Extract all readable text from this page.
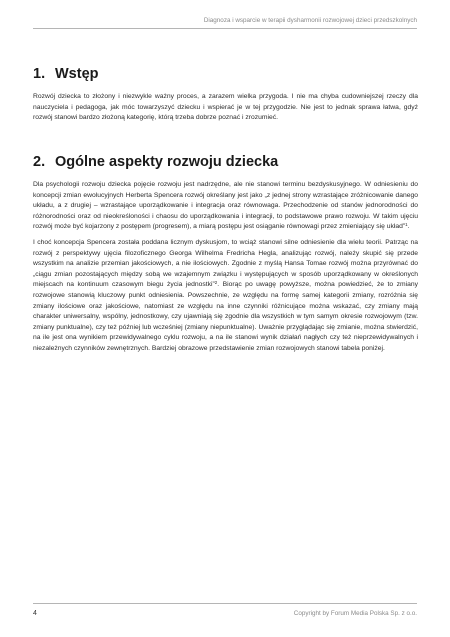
Diagnoza i wsparcie w terapii dysharmonii rozwojowej dzieci przedszkolnych
1. Wstęp

Rozwój dziecka to złożony i niezwykle ważny proces, a zarazem wielka przygoda. I nie ma chyba cudowniejszej rzeczy dla nauczyciela i pedagoga, jak móc towarzyszyć dziecku i wspierać je w tej przygodzie. Nie jest to jednak sprawa łatwa, gdyż rozwój stanowi bardzo złożoną kategorię, którą trzeba dobrze poznać i zrozumieć.

2. Ogólne aspekty rozwoju dziecka

Dla psychologii rozwoju dziecka pojęcie rozwoju jest nadrzędne, ale nie stanowi terminu bezdyskusyjnego. W odniesieniu do koncepcji zmian ewolucyjnych Herberta Spencera rozwój określany jest jako „z jednej strony wzrastające zróżnicowanie danego układu, a z drugiej – wzrastające uporządkowanie i integracja oraz równowaga. Przechodzenie od stanów jednorodności do różnorodności oraz od nieokreśloności i chaosu do uporządkowania i integracji, to podstawowe prawo rozwoju. W takim ujęciu rozwój może być kojarzony z postępem (progresem), a miarą postępu jest osiąganie równowagi przez zmieniający się układ”$^1$.

I choć koncepcja Spencera została poddana licznym dyskusjom, to wciąż stanowi silne odniesienie dla wielu teorii. Patrząc na rozwój z perspektywy ujęcia filozoficznego Georga Wilhelma Fredricha Hegla, analizując rozwój, należy skupić się przede wszystkim na analizie przemian jakościowych, a nie ilościowych. Zgodnie z myślą Hansa Tomae rozwój można przyrównać do „ciągu zmian pozostających między sobą we wzajemnym związku i występujących w sposób uporządkowany w określonych miejscach na kontinuum czasowym biegu życia jednostki”$^2$. Biorąc po uwagę powyższe, można powiedzieć, że to zmiany rozwojowe stanowią kluczowy punkt odniesienia. Powszechnie, ze względu na formę samej kategorii zmiany, rozróżnia się zmiany ilościowe oraz jakościowe, natomiast ze względu na inne czynniki różnicujące można wskazać, czy zmiany mają charakter uniwersalny, wspólny, jednostkowy, czy ujawniają się zgodnie dla wszystkich w tym samym okresie rozwojowym (tzw. zmiany punktualne), czy też później lub wcześniej (zmiany niepunktualne). Uważnie przyglądając się zmianie, można stwierdzić, na ile jest ona wynikiem przewidywalnego cyklu rozwoju, a na ile stanowi wynik działań nagłych czy też nieprzewidywalnych i niezależnych czynników zewnętrznych. Bardziej obrazowe przedstawienie zmian rozwojowych stanowi tabela poniżej.

4	Copyright by Forum Media Polska Sp. z o.o.
